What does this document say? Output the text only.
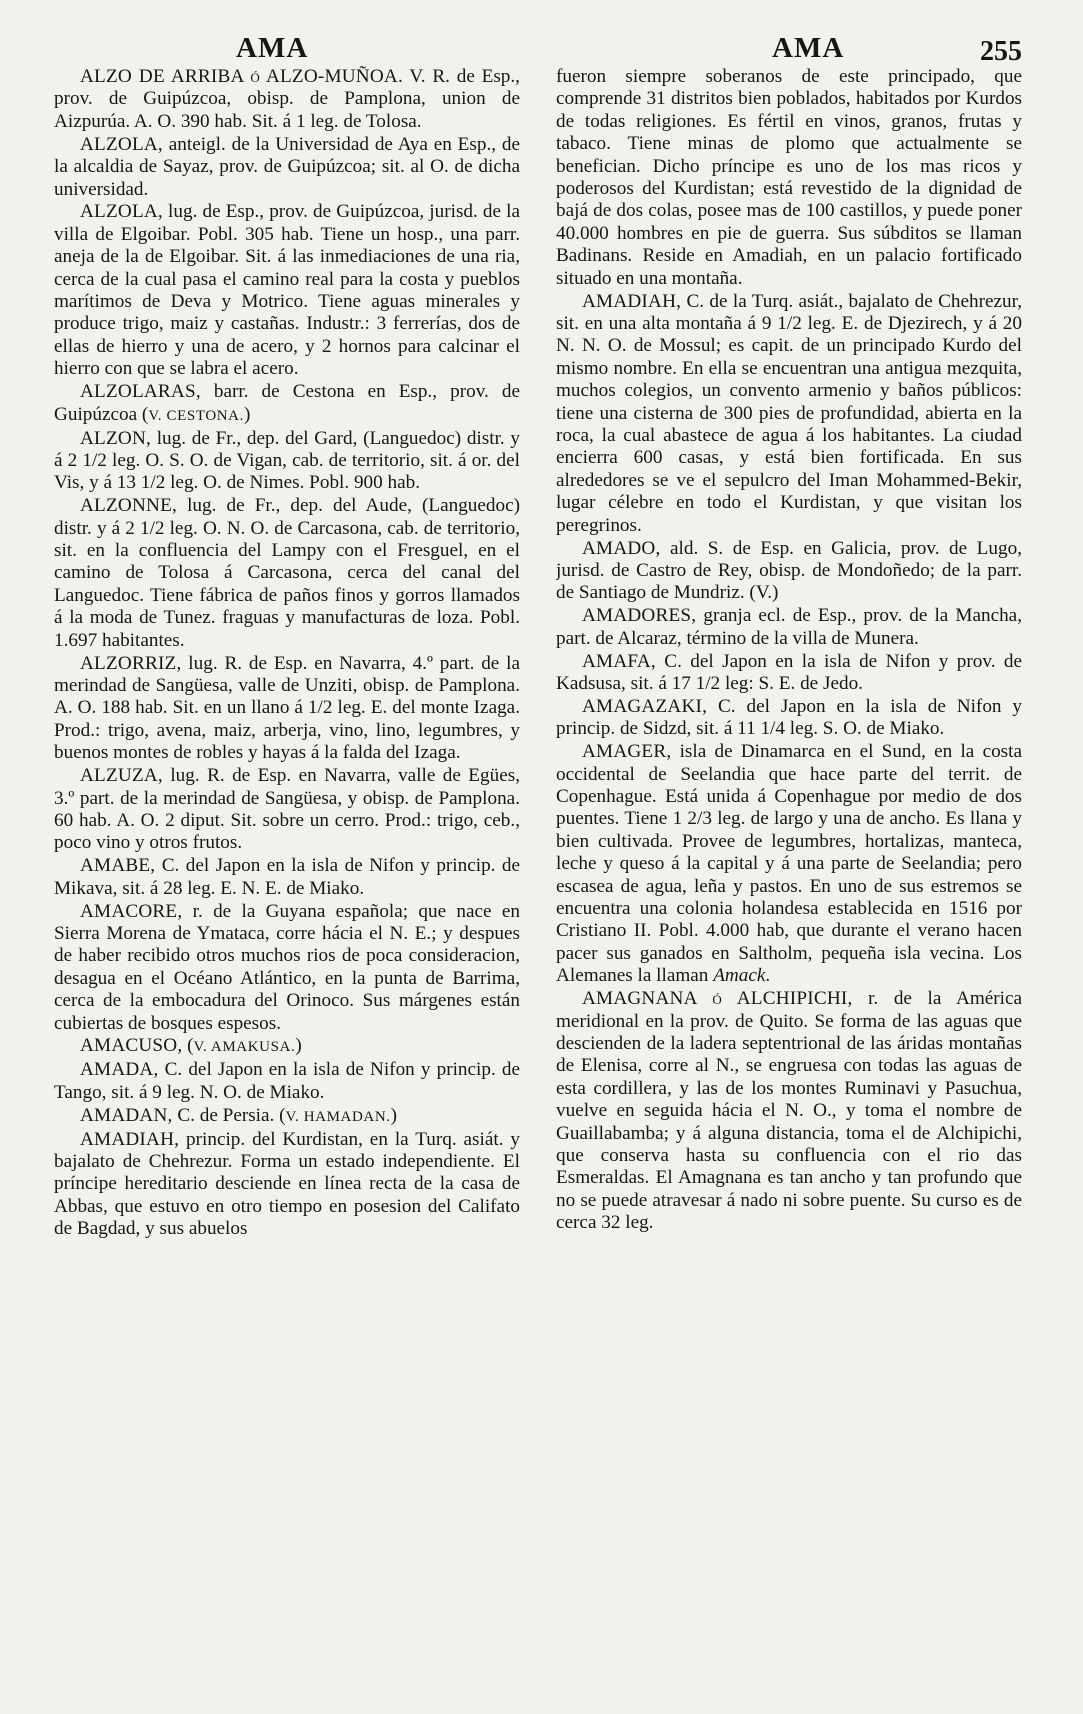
AMA	AMA	255

ALZO DE ARRIBA ó ALZO-MUÑOA. V. R. de Esp., prov. de Guipúzcoa, obisp. de Pamplona, union de Aizpurúa. A. O. 390 hab. Sit. á 1 leg. de Tolosa.

ALZOLA, anteigl. de la Universidad de Aya en Esp., de la alcaldia de Sayaz, prov. de Guipúzcoa; sit. al O. de dicha universidad.

ALZOLA, lug. de Esp., prov. de Guipúzcoa, jurisd. de la villa de Elgoibar. Pobl. 305 hab. Tiene un hosp., una parr. aneja de la de Elgoibar. Sit. á las inmediaciones de una ria, cerca de la cual pasa el camino real para la costa y pueblos marítimos de Deva y Motrico. Tiene aguas minerales y produce trigo, maiz y castañas. Industr.: 3 ferrerías, dos de ellas de hierro y una de acero, y 2 hornos para calcinar el hierro con que se labra el acero.

ALZOLARAS, barr. de Cestona en Esp., prov. de Guipúzcoa (V. CESTONA.)

ALZON, lug. de Fr., dep. del Gard, (Languedoc) distr. y á 2 1/2 leg. O. S. O. de Vigan, cab. de territorio, sit. á or. del Vis, y á 13 1/2 leg. O. de Nimes. Pobl. 900 hab.

ALZONNE, lug. de Fr., dep. del Aude, (Languedoc) distr. y á 2 1/2 leg. O. N. O. de Carcasona, cab. de territorio, sit. en la confluencia del Lampy con el Fresguel, en el camino de Tolosa á Carcasona, cerca del canal del Languedoc. Tiene fábrica de paños finos y gorros llamados á la moda de Tunez. fraguas y manufacturas de loza. Pobl. 1.697 habitantes.

ALZORRIZ, lug. R. de Esp. en Navarra, 4.º part. de la merindad de Sangüesa, valle de Unziti, obisp. de Pamplona. A. O. 188 hab. Sit. en un llano á 1/2 leg. E. del monte Izaga. Prod.: trigo, avena, maiz, arberja, vino, lino, legumbres, y buenos montes de robles y hayas á la falda del Izaga.

ALZUZA, lug. R. de Esp. en Navarra, valle de Egües, 3.º part. de la merindad de Sangüesa, y obisp. de Pamplona. 60 hab. A. O. 2 diput. Sit. sobre un cerro. Prod.: trigo, ceb., poco vino y otros frutos.

AMABE, C. del Japon en la isla de Nifon y princip. de Mikava, sit. á 28 leg. E. N. E. de Miako.

AMACORE, r. de la Guyana española; que nace en Sierra Morena de Ymataca, corre hácia el N. E.; y despues de haber recibido otros muchos rios de poca consideracion, desagua en el Océano Atlántico, en la punta de Barrima, cerca de la embocadura del Orinoco. Sus márgenes están cubiertas de bosques espesos.

AMACUSO, (V. AMAKUSA.)

AMADA, C. del Japon en la isla de Nifon y princip. de Tango, sit. á 9 leg. N. O. de Miako.

AMADAN, C. de Persia. (V. HAMADAN.)

AMADIAH, princip. del Kurdistan, en la Turq. asiát. y bajalato de Chehrezur. Forma un estado independiente. El príncipe hereditario desciende en línea recta de la casa de Abbas, que estuvo en otro tiempo en posesion del Califato de Bagdad, y sus abuelos

fueron siempre soberanos de este principado, que comprende 31 distritos bien poblados, habitados por Kurdos de todas religiones. Es fértil en vinos, granos, frutas y tabaco. Tiene minas de plomo que actualmente se benefician. Dicho príncipe es uno de los mas ricos y poderosos del Kurdistan; está revestido de la dignidad de bajá de dos colas, posee mas de 100 castillos, y puede poner 40.000 hombres en pie de guerra. Sus súbditos se llaman Badinans. Reside en Amadiah, en un palacio fortificado situado en una montaña.

AMADIAH, C. de la Turq. asiát., bajalato de Chehrezur, sit. en una alta montaña á 9 1/2 leg. E. de Djezirech, y á 20 N. N. O. de Mossul; es capit. de un principado Kurdo del mismo nombre. En ella se encuentran una antigua mezquita, muchos colegios, un convento armenio y baños públicos: tiene una cisterna de 300 pies de profundidad, abierta en la roca, la cual abastece de agua á los habitantes. La ciudad encierra 600 casas, y está bien fortificada. En sus alrededores se ve el sepulcro del Iman Mohammed-Bekir, lugar célebre en todo el Kurdistan, y que visitan los peregrinos.

AMADO, ald. S. de Esp. en Galicia, prov. de Lugo, jurisd. de Castro de Rey, obisp. de Mondoñedo; de la parr. de Santiago de Mundriz. (V.)

AMADORES, granja ecl. de Esp., prov. de la Mancha, part. de Alcaraz, término de la villa de Munera.

AMAFA, C. del Japon en la isla de Nifon y prov. de Kadsusa, sit. á 17 1/2 leg: S. E. de Jedo.

AMAGAZAKI, C. del Japon en la isla de Nifon y princip. de Sidzd, sit. á 11 1/4 leg. S. O. de Miako.

AMAGER, isla de Dinamarca en el Sund, en la costa occidental de Seelandia que hace parte del territ. de Copenhague. Está unida á Copenhague por medio de dos puentes. Tiene 1 2/3 leg. de largo y una de ancho. Es llana y bien cultivada. Provee de legumbres, hortalizas, manteca, leche y queso á la capital y á una parte de Seelandia; pero escasea de agua, leña y pastos. En uno de sus estremos se encuentra una colonia holandesa establecida en 1516 por Cristiano II. Pobl. 4.000 hab, que durante el verano hacen pacer sus ganados en Saltholm, pequeña isla vecina. Los Alemanes la llaman Amack.

AMAGNANA ó ALCHIPICHI, r. de la América meridional en la prov. de Quito. Se forma de las aguas que descienden de la ladera septentrional de las áridas montañas de Elenisa, corre al N., se engruesa con todas las aguas de esta cordillera, y las de los montes Ruminavi y Pasuchua, vuelve en seguida hácia el N. O., y toma el nombre de Guaillabamba; y á alguna distancia, toma el de Alchipichi, que conserva hasta su confluencia con el rio das Esmeraldas. El Amagnana es tan ancho y tan profundo que no se puede atravesar á nado ni sobre puente. Su curso es de cerca 32 leg.
